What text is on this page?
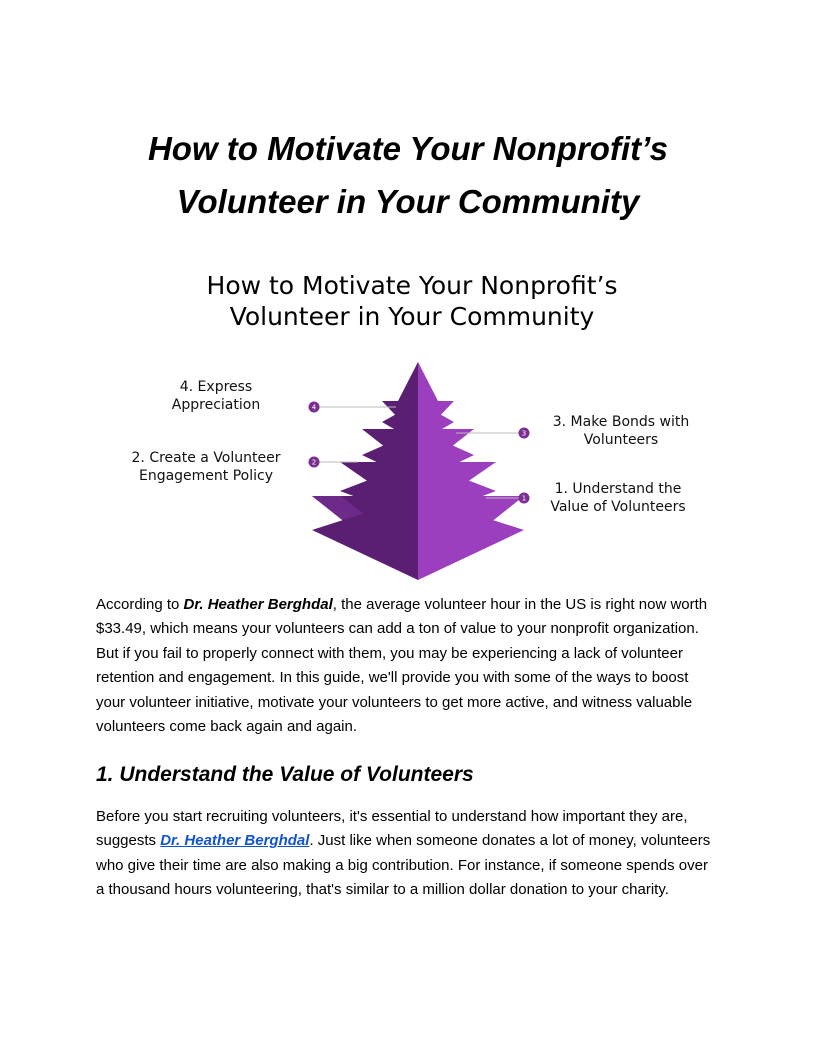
How to Motivate Your Nonprofit’s
Volunteer in Your Community
How to Motivate Your Nonprofit’s
Volunteer in Your Community
4
2
3
1
4. Express
Appreciation
2. Create a Volunteer
Engagement Policy
3. Make Bonds with
Volunteers
1. Understand the
Value of Volunteers

According to Dr. Heather Berghdal, the average volunteer hour in the US is right now worth $33.49, which means your volunteers can add a ton of value to your nonprofit organization. But if you fail to properly connect with them, you may be experiencing a lack of volunteer retention and engagement. In this guide, we'll provide you with some of the ways to boost your volunteer initiative, motivate your volunteers to get more active, and witness valuable volunteers come back again and again.

1. Understand the Value of Volunteers

Before you start recruiting volunteers, it's essential to understand how important they are, suggests Dr. Heather Berghdal. Just like when someone donates a lot of money, volunteers who give their time are also making a big contribution. For instance, if someone spends over a thousand hours volunteering, that's similar to a million dollar donation to your charity.
